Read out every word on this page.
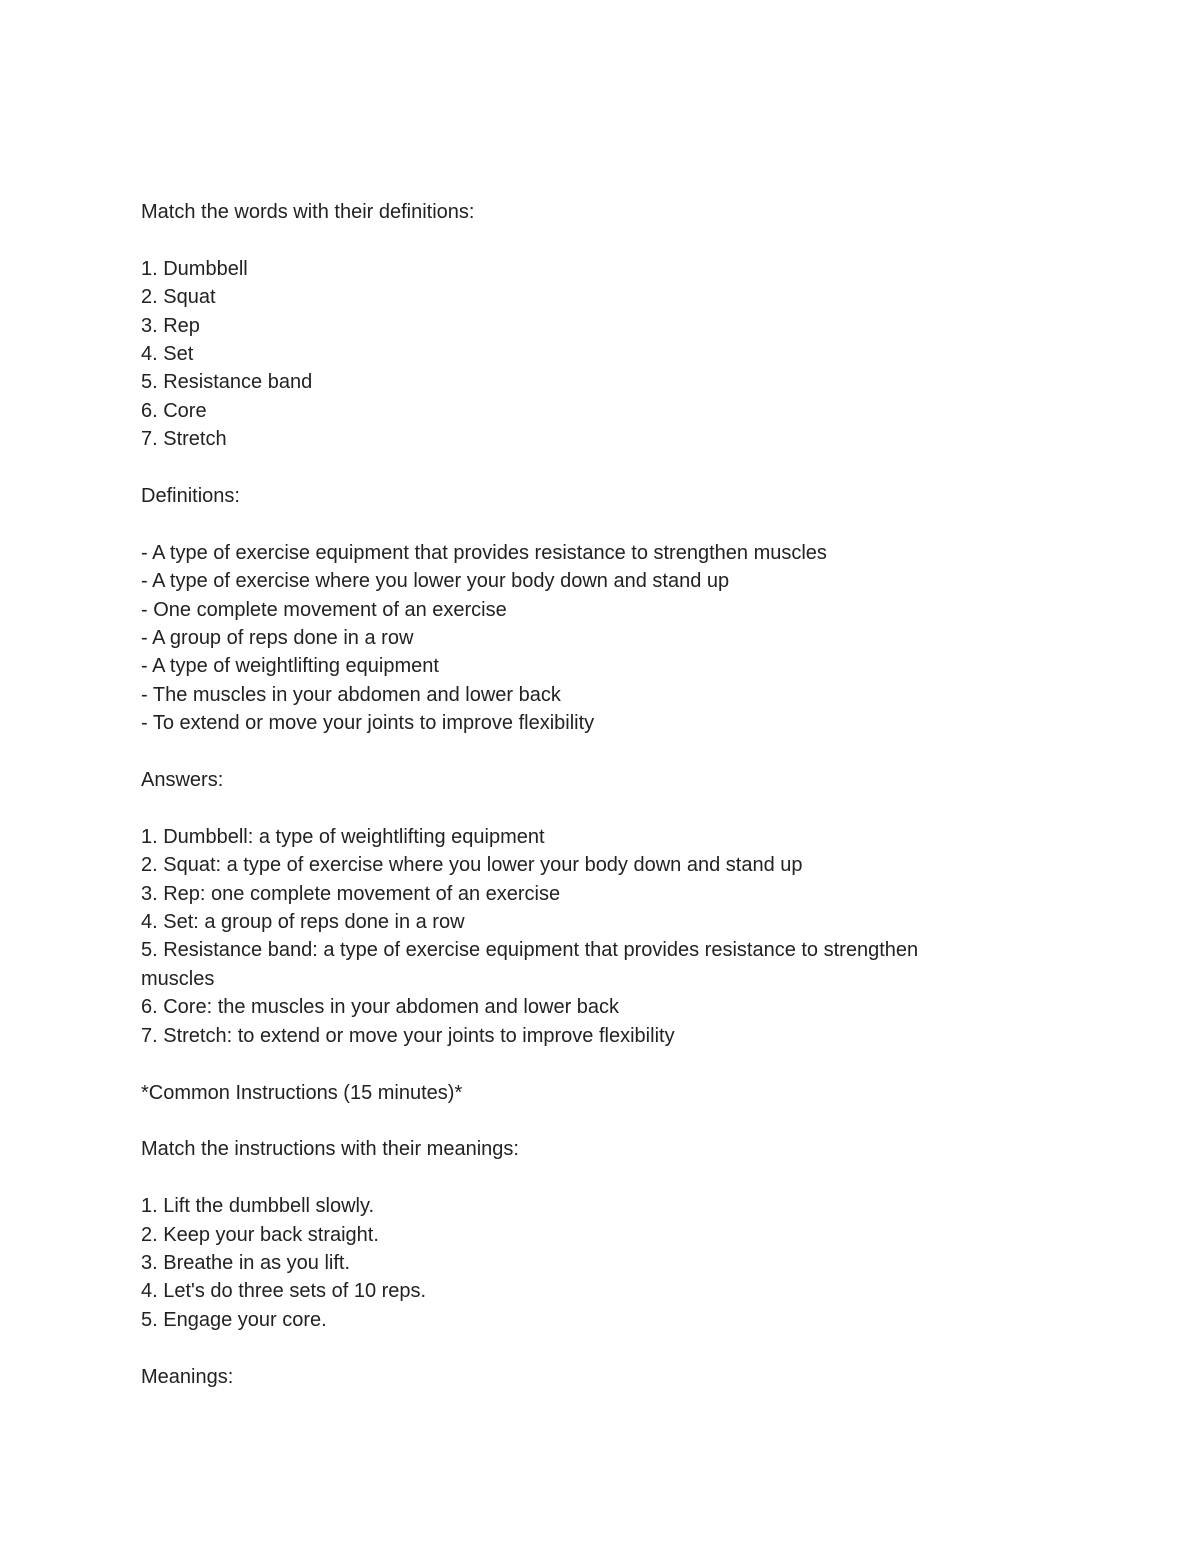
Match the words with their definitions:

1. Dumbbell

2. Squat

3. Rep

4. Set

5. Resistance band

6. Core

7. Stretch

Definitions:

- A type of exercise equipment that provides resistance to strengthen muscles

- A type of exercise where you lower your body down and stand up

- One complete movement of an exercise

- A group of reps done in a row

- A type of weightlifting equipment

- The muscles in your abdomen and lower back

- To extend or move your joints to improve flexibility

Answers:

1. Dumbbell: a type of weightlifting equipment

2. Squat: a type of exercise where you lower your body down and stand up

3. Rep: one complete movement of an exercise

4. Set: a group of reps done in a row

5. Resistance band: a type of exercise equipment that provides resistance to strengthen muscles

6. Core: the muscles in your abdomen and lower back

7. Stretch: to extend or move your joints to improve flexibility

*Common Instructions (15 minutes)*

Match the instructions with their meanings:

1. Lift the dumbbell slowly.

2. Keep your back straight.

3. Breathe in as you lift.

4. Let's do three sets of 10 reps.

5. Engage your core.

Meanings:
